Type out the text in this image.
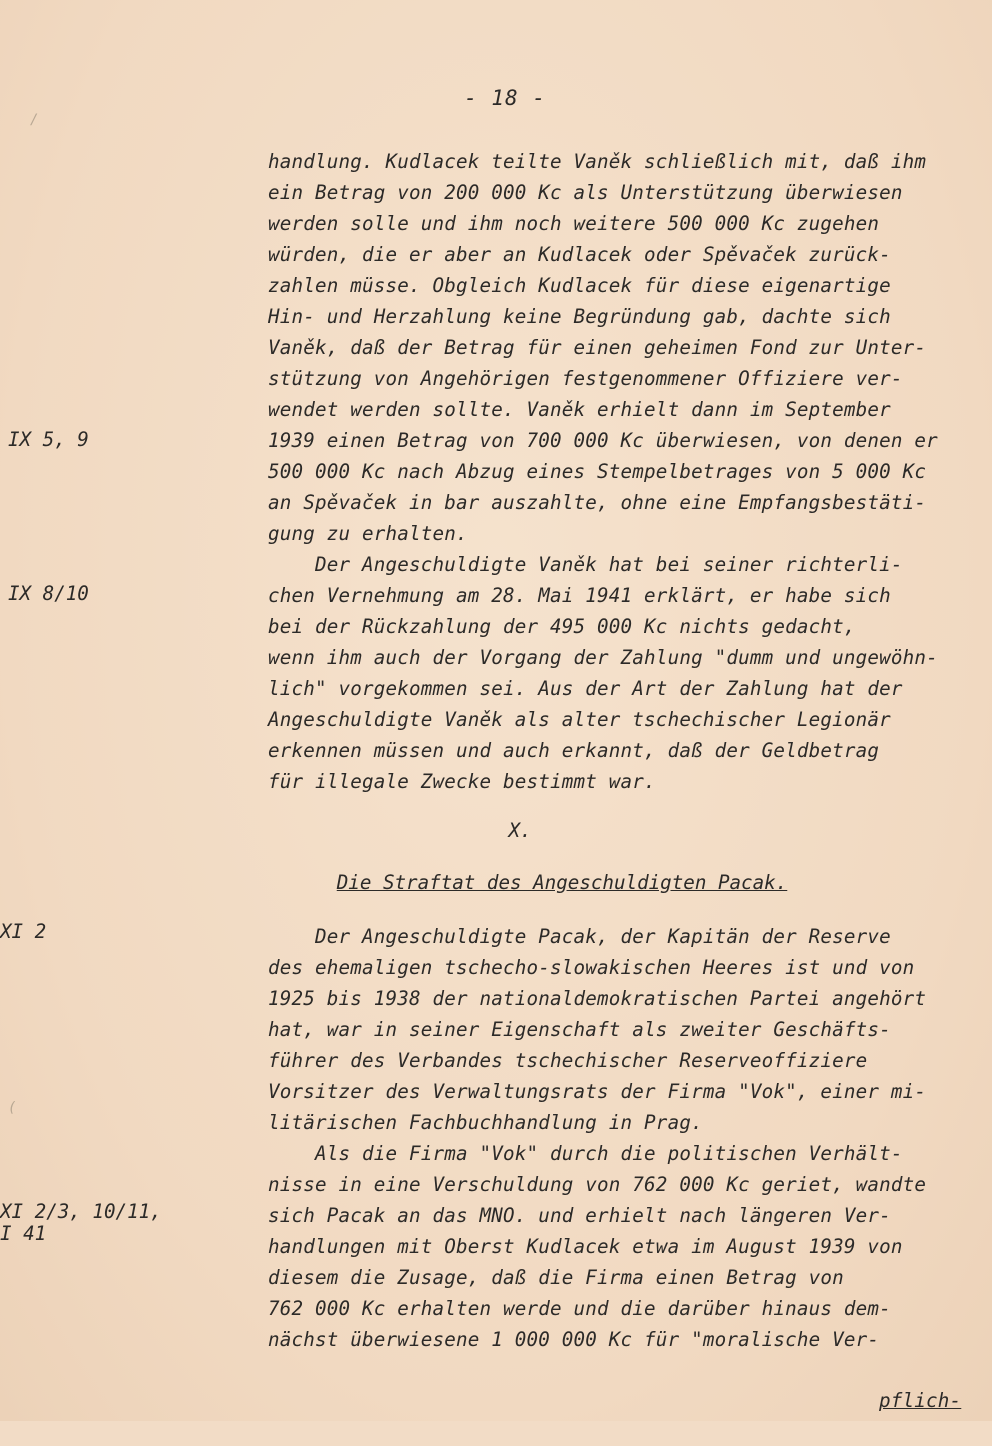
- 18 -
/
(
IX 5, 9
IX 8/10
XI 2
XI 2/3, 10/11,
I 41
handlung. Kudlacek teilte Vaněk schließlich mit, daß ihm
ein Betrag von 200 000 Kc als Unterstützung überwiesen
werden solle und ihm noch weitere 500 000 Kc zugehen
würden, die er aber an Kudlacek oder Spěvaček zurück-
zahlen müsse. Obgleich Kudlacek für diese eigenartige
Hin- und Herzahlung keine Begründung gab, dachte sich
Vaněk, daß der Betrag für einen geheimen Fond zur Unter-
stützung von Angehörigen festgenommener Offiziere ver-
wendet werden sollte. Vaněk erhielt dann im September
1939 einen Betrag von 700 000 Kc überwiesen, von denen er
500 000 Kc nach Abzug eines Stempelbetrages von 5 000 Kc
an Spěvaček in bar auszahlte, ohne eine Empfangsbestäti-
gung zu erhalten.
Der Angeschuldigte Vaněk hat bei seiner richterli-
chen Vernehmung am 28. Mai 1941 erklärt, er habe sich
bei der Rückzahlung der 495 000 Kc nichts gedacht,
wenn ihm auch der Vorgang der Zahlung "dumm und ungewöhn-
lich" vorgekommen sei. Aus der Art der Zahlung hat der
Angeschuldigte Vaněk als alter tschechischer Legionär
erkennen müssen und auch erkannt, daß der Geldbetrag
für illegale Zwecke bestimmt war.
X.
Die Straftat des Angeschuldigten Pacak.
Der Angeschuldigte Pacak, der Kapitän der Reserve
des ehemaligen tschecho-slowakischen Heeres ist und von
1925 bis 1938 der nationaldemokratischen Partei angehört
hat, war in seiner Eigenschaft als zweiter Geschäfts-
führer des Verbandes tschechischer Reserveoffiziere
Vorsitzer des Verwaltungsrats der Firma "Vok", einer mi-
litärischen Fachbuchhandlung in Prag.
Als die Firma "Vok" durch die politischen Verhält-
nisse in eine Verschuldung von 762 000 Kc geriet, wandte
sich Pacak an das MNO. und erhielt nach längeren Ver-
handlungen mit Oberst Kudlacek etwa im August 1939 von
diesem die Zusage, daß die Firma einen Betrag von
762 000 Kc erhalten werde und die darüber hinaus dem-
nächst überwiesene 1 000 000 Kc für "moralische Ver-

pflich-
